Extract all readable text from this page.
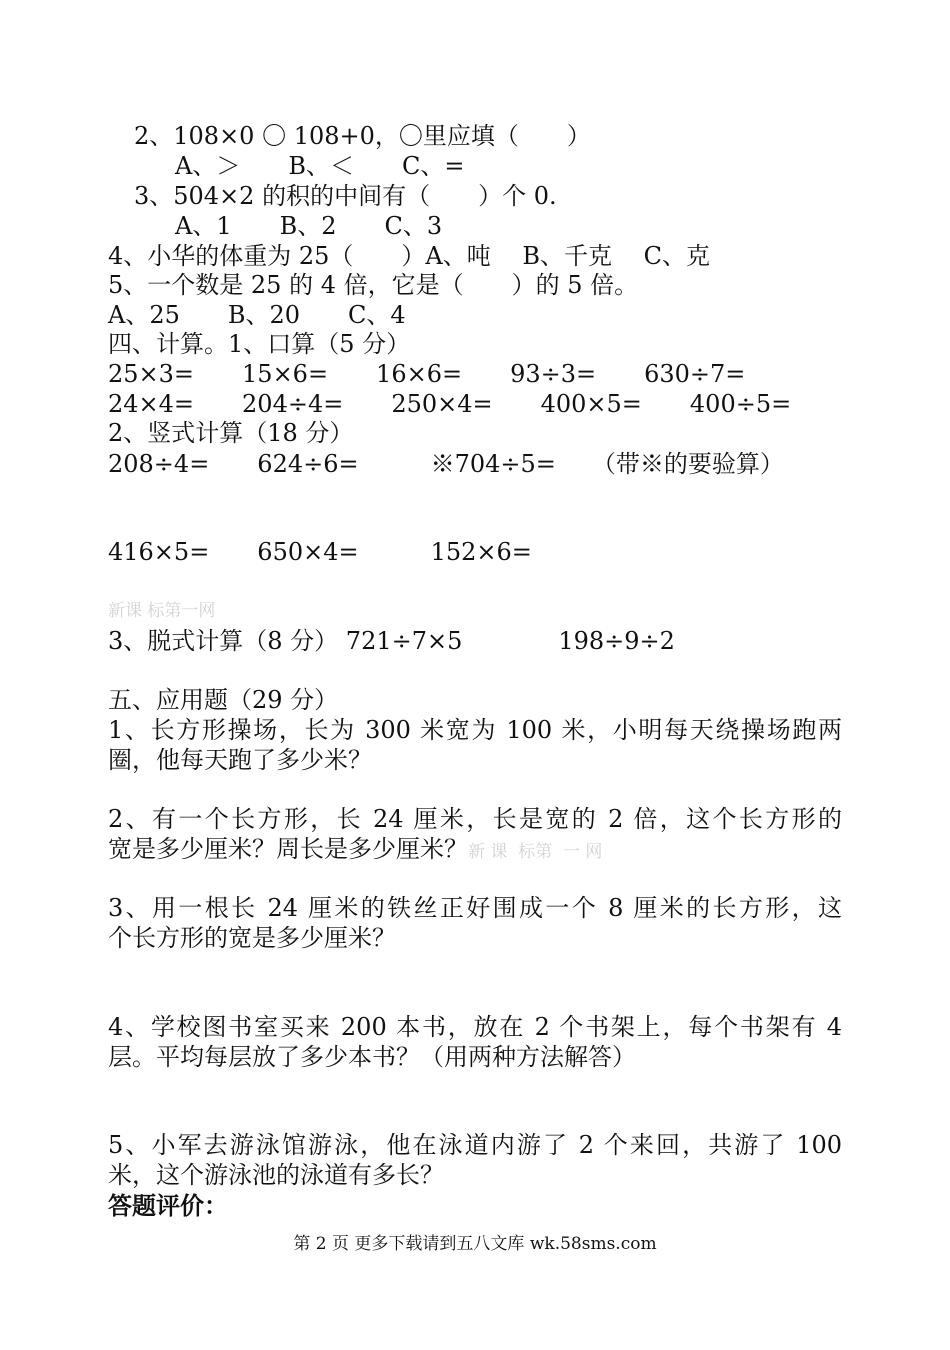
2、108×0 〇 108+0，〇里应填（　　）
A、＞　　B、＜　　C、=
3、504×2 的积的中间有（　　）个 0.
A、1　　B、2　　C、3
4、小华的体重为 25（　　）A、吨　 B、千克　 C、克
5、一个数是 25 的 4 倍，它是（　　）的 5 倍。
A、25　　B、20　　C、4
四、计算。1、口算（5 分）
25×3=　　15×6=　　16×6=　　93÷3=　　630÷7=
24×4=　　204÷4=　　250×4=　　400×5=　　400÷5=
2、竖式计算（18 分）
208÷4=　　624÷6=　　　※704÷5=　　（带※的要验算）
416×5=　　650×4=　　　152×6=
新课 标第一网
3、脱式计算（8 分） 721÷7×5　　　　198÷9÷2
五、应用题（29 分）
1、长方形操场，长为 300 米宽为 100 米，小明每天绕操场跑两
圈，他每天跑了多少米？
2、有一个长方形，长 24 厘米，长是宽的 2 倍，这个长方形的
宽是多少厘米？周长是多少厘米？新 课  标第  一 网
3、用一根长 24 厘米的铁丝正好围成一个 8 厘米的长方形，这
个长方形的宽是多少厘米？
4、学校图书室买来 200 本书，放在 2 个书架上，每个书架有 4
层。平均每层放了多少本书？（用两种方法解答）
5、小军去游泳馆游泳，他在泳道内游了 2 个来回，共游了 100
米，这个游泳池的泳道有多长？
答题评价：
第 2 页 更多下载请到五八文库 wk.58sms.com
